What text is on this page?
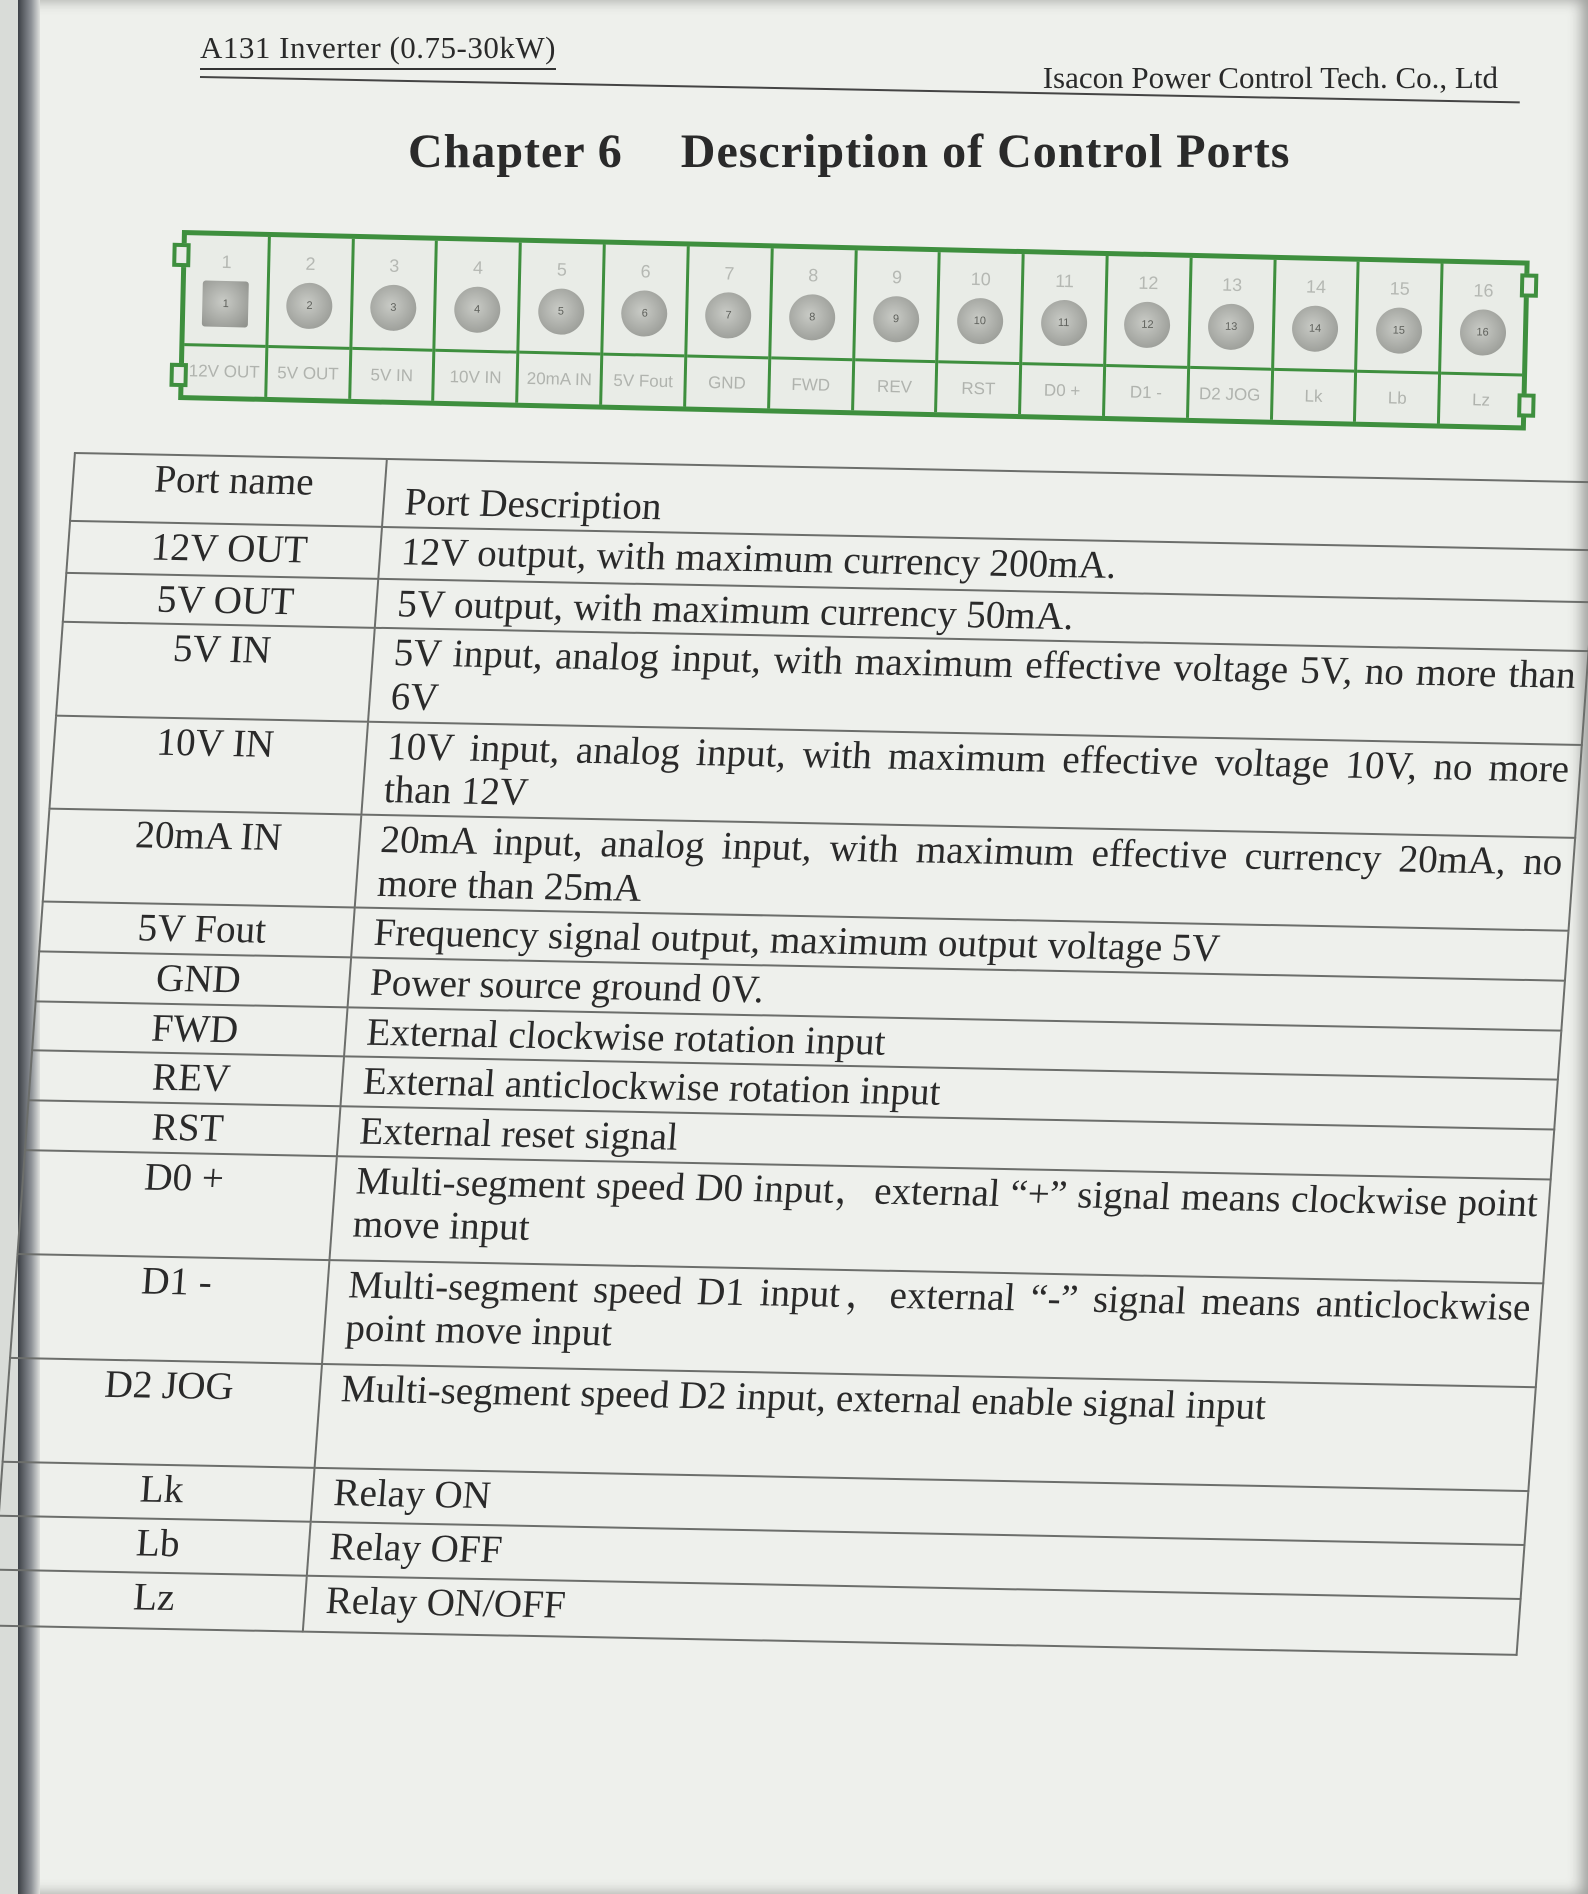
A131 Inverter (0.75-30kW)
Isacon Power Control Tech. Co., Ltd
Chapter 6 Description of Control Ports
1
1
12V OUT
2
2
5V OUT
3
3
5V IN
4
4
10V IN
5
5
20mA IN
6
6
5V Fout
7
7
GND
8
8
FWD
9
9
REV
10
10
RST
11
11
D0 +	12
12
D1 - 13
13
D2 JOG
14
14
Lk
15
15
Lb
16
16
Lz
Port name	Port Description
12V OUT	12V output, with maximum currency 200mA.
5V OUT	5V output, with maximum currency 50mA.
5V IN	5V input, analog input, with maximum effective voltage 5V, no more than 6V
10V IN	10V input, analog input, with maximum effective voltage 10V, no more than 12V
20mA IN	20mA input, analog input, with maximum effective currency 20mA, no more than 25mA
5V Fout	Frequency signal output, maximum output voltage 5V
GND	Power source ground 0V.
FWD	External clockwise rotation input
REV	External anticlockwise rotation input
RST	External reset signal
D0 +	Multi-segment speed D0 input，external “+” signal means clockwise point move input
D1 -	Multi-segment speed D1 input，external “-” signal means anticlockwise point move input
D2 JOG	Multi-segment speed D2 input, external enable signal input
Lk	Relay ON
Lb	Relay OFF
Lz	Relay ON/OFF
